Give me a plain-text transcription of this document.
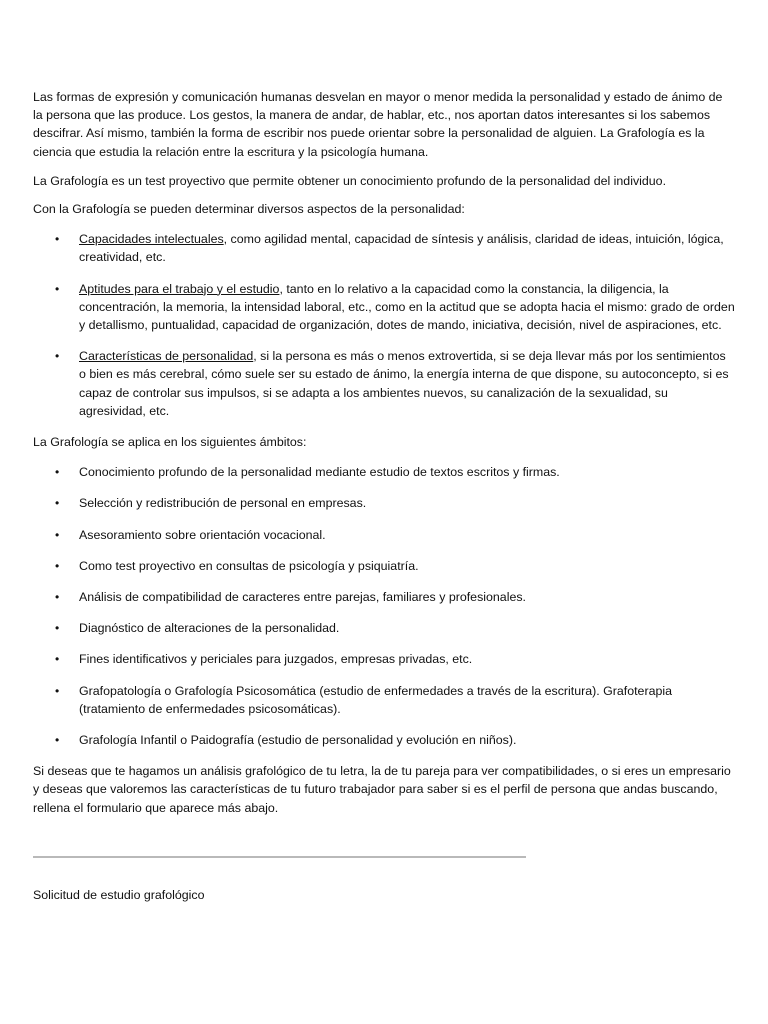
Las formas de expresión y comunicación humanas desvelan en mayor o menor medida la personalidad y estado de ánimo de la persona que las produce. Los gestos, la manera de andar, de hablar, etc., nos aportan datos interesantes si los sabemos descifrar. Así mismo, también la forma de escribir nos puede orientar sobre la personalidad de alguien. La Grafología es la ciencia que estudia la relación entre la escritura y la psicología humana.

La Grafología es un test proyectivo que permite obtener un conocimiento profundo de la personalidad del individuo.

Con la Grafología se pueden determinar diversos aspectos de la personalidad:

• Capacidades intelectuales, como agilidad mental, capacidad de síntesis y análisis, claridad de ideas, intuición, lógica, creatividad, etc.
• Aptitudes para el trabajo y el estudio, tanto en lo relativo a la capacidad como la constancia, la diligencia, la concentración, la memoria, la intensidad laboral, etc., como en la actitud que se adopta hacia el mismo: grado de orden y detallismo, puntualidad, capacidad de organización, dotes de mando, iniciativa, decisión, nivel de aspiraciones, etc.
• Características de personalidad, si la persona es más o menos extrovertida, si se deja llevar más por los sentimientos o bien es más cerebral, cómo suele ser su estado de ánimo, la energía interna de que dispone, su autoconcepto, si es capaz de controlar sus impulsos, si se adapta a los ambientes nuevos, su canalización de la sexualidad, su agresividad, etc.

La Grafología se aplica en los siguientes ámbitos:

• Conocimiento profundo de la personalidad mediante estudio de textos escritos y firmas.
• Selección y redistribución de personal en empresas.
• Asesoramiento sobre orientación vocacional.
• Como test proyectivo en consultas de psicología y psiquiatría.
• Análisis de compatibilidad de caracteres entre parejas, familiares y profesionales.
• Diagnóstico de alteraciones de la personalidad.
• Fines identificativos y periciales para juzgados, empresas privadas, etc.
• Grafopatología o Grafología Psicosomática (estudio de enfermedades a través de la escritura). Grafoterapia (tratamiento de enfermedades psicosomáticas).
• Grafología Infantil o Paidografía (estudio de personalidad y evolución en niños).

Si deseas que te hagamos un análisis grafológico de tu letra, la de tu pareja para ver compatibilidades, o si eres un empresario y deseas que valoremos las características de tu futuro trabajador para saber si es el perfil de persona que andas buscando, rellena el formulario que aparece más abajo.

Solicitud de estudio grafológico
